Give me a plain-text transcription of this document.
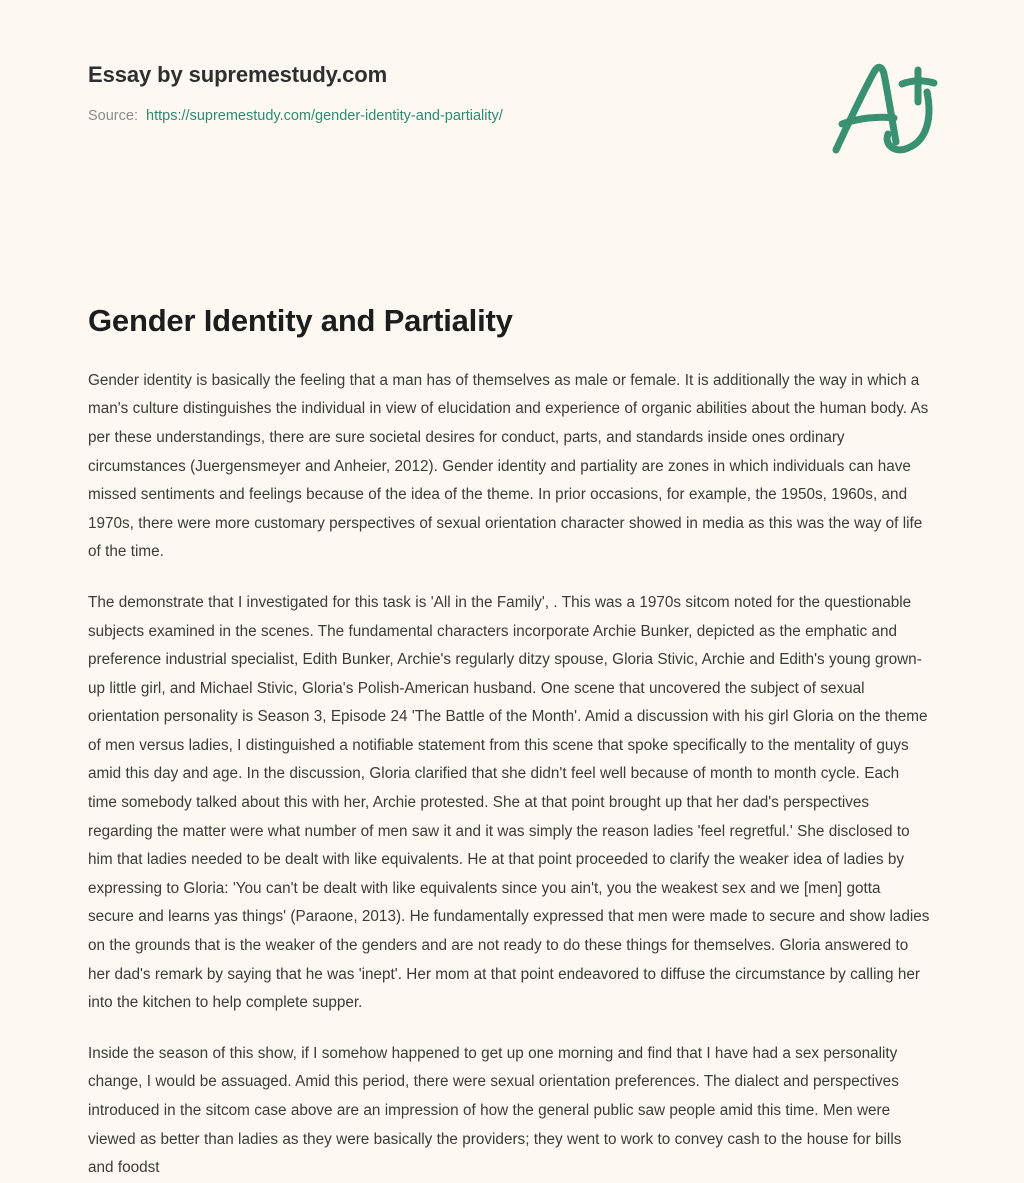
Essay by supremestudy.com
Source: https://supremestudy.com/gender-identity-and-partiality/
Gender Identity and Partiality

Gender identity is basically the feeling that a man has of themselves as male or female. It is additionally the way in which a man's culture distinguishes the individual in view of elucidation and experience of organic abilities about the human body. As per these understandings, there are sure societal desires for conduct, parts, and standards inside ones ordinary circumstances (Juergensmeyer and Anheier, 2012). Gender identity and partiality are zones in which individuals can have missed sentiments and feelings because of the idea of the theme. In prior occasions, for example, the 1950s, 1960s, and 1970s, there were more customary perspectives of sexual orientation character showed in media as this was the way of life of the time.

The demonstrate that I investigated for this task is 'All in the Family', . This was a 1970s sitcom noted for the questionable subjects examined in the scenes. The fundamental characters incorporate Archie Bunker, depicted as the emphatic and preference industrial specialist, Edith Bunker, Archie's regularly ditzy spouse, Gloria Stivic, Archie and Edith's young grown-up little girl, and Michael Stivic, Gloria's Polish-American husband. One scene that uncovered the subject of sexual orientation personality is Season 3, Episode 24 'The Battle of the Month'. Amid a discussion with his girl Gloria on the theme of men versus ladies, I distinguished a notifiable statement from this scene that spoke specifically to the mentality of guys amid this day and age. In the discussion, Gloria clarified that she didn't feel well because of month to month cycle. Each time somebody talked about this with her, Archie protested. She at that point brought up that her dad's perspectives regarding the matter were what number of men saw it and it was simply the reason ladies 'feel regretful.' She disclosed to him that ladies needed to be dealt with like equivalents. He at that point proceeded to clarify the weaker idea of ladies by expressing to Gloria: 'You can't be dealt with like equivalents since you ain't, you the weakest sex and we [men] gotta secure and learns yas things' (Paraone, 2013). He fundamentally expressed that men were made to secure and show ladies on the grounds that is the weaker of the genders and are not ready to do these things for themselves. Gloria answered to her dad's remark by saying that he was 'inept'. Her mom at that point endeavored to diffuse the circumstance by calling her into the kitchen to help complete supper.

Inside the season of this show, if I somehow happened to get up one morning and find that I have had a sex personality change, I would be assuaged. Amid this period, there were sexual orientation preferences. The dialect and perspectives introduced in the sitcom case above are an impression of how the general public saw people amid this time. Men were viewed as better than ladies as they were basically the providers; they went to work to convey cash to the house for bills and foodst
